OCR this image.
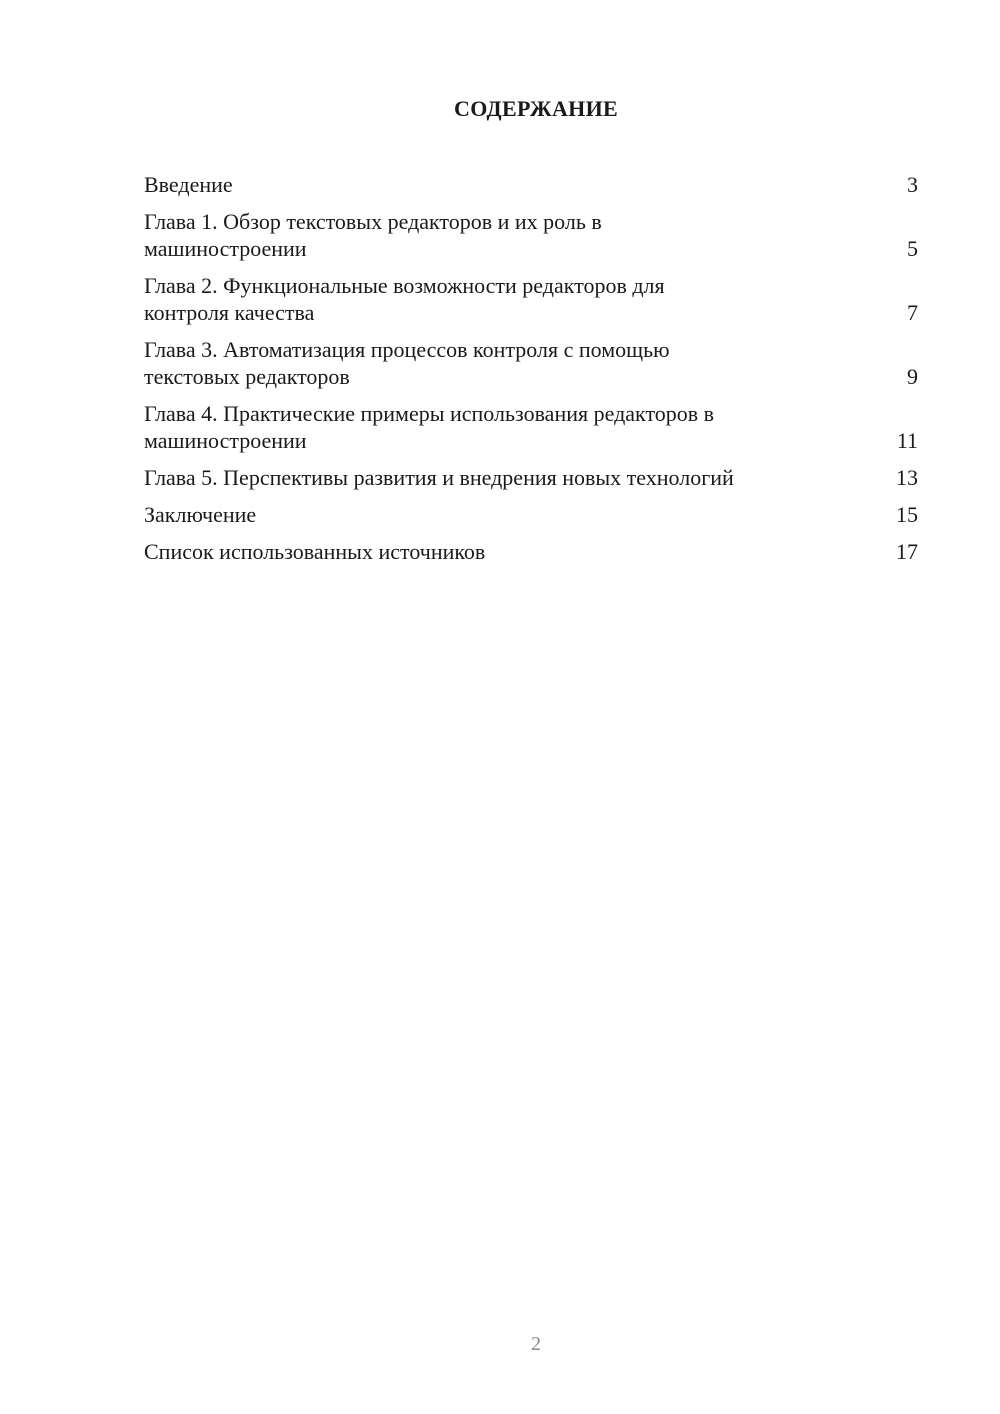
СОДЕРЖАНИЕ
Введение	3
Глава 1. Обзор текстовых редакторов и их роль в
машиностроении	5
Глава 2. Функциональные возможности редакторов для
контроля качества	7
Глава 3. Автоматизация процессов контроля с помощью
текстовых редакторов	9
Глава 4. Практические примеры использования редакторов в
машиностроении	11
Глава 5. Перспективы развития и внедрения новых технологий	13
Заключение	15
Список использованных источников	17
2
